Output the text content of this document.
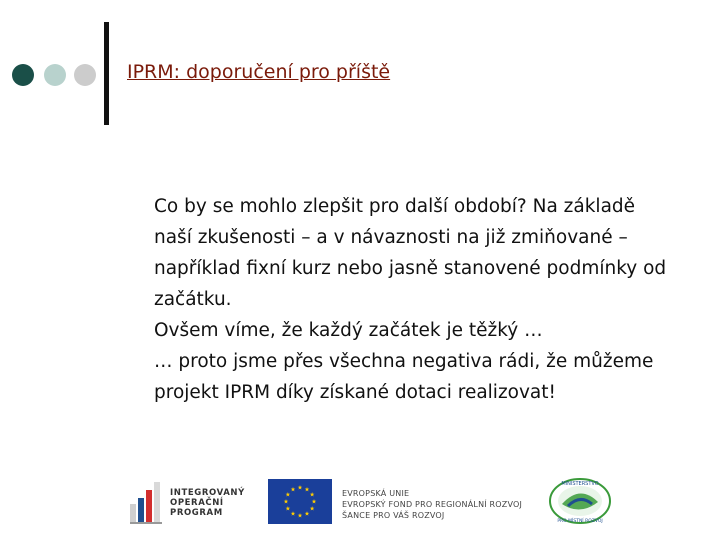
IPRM: doporučení pro příště

Co by se mohlo zlepšit pro další období? Na základě naší zkušenosti – a v návaznosti na již zmiňované – například fixní kurz nebo jasně stanovené podmínky od začátku.

Ovšem víme, že každý začátek je těžký …

… proto jsme přes všechna negativa rádi, že můžeme projekt IPRM díky získané dotaci realizovat!

INTEGROVANÝ
OPERAČNÍ
PROGRAM
EVROPSKÁ UNIE
EVROPSKÝ FOND PRO REGIONÁLNÍ ROZVOJ
ŠANCE PRO VÁŠ ROZVOJ
MINISTERSTVO
PRO MÍSTNÍ ROZVOJ
